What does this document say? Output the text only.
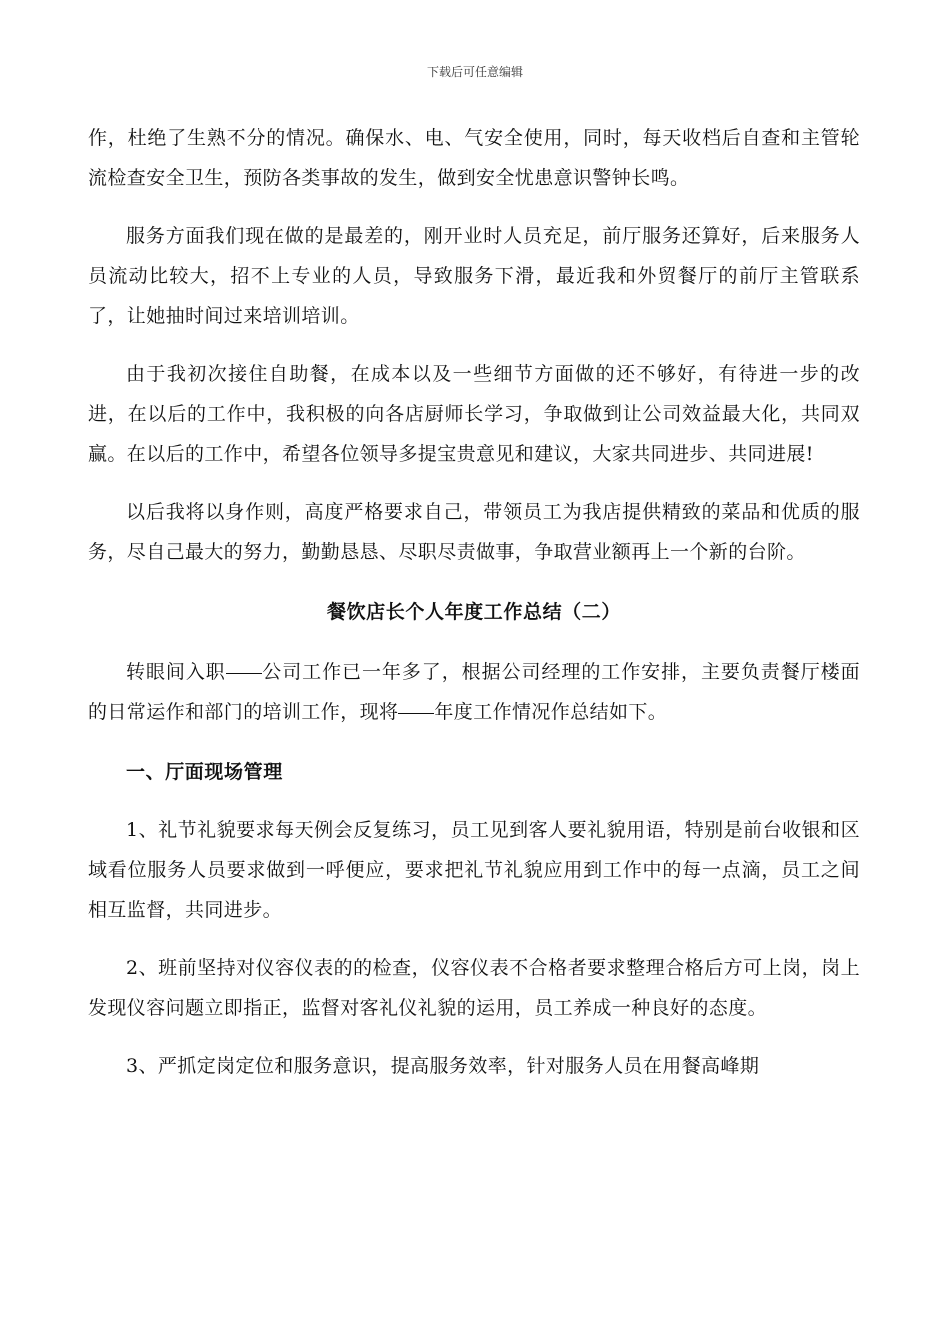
下载后可任意编辑

作，杜绝了生熟不分的情况。确保水、电、气安全使用，同时，每天收档后自查和主管轮流检查安全卫生，预防各类事故的发生，做到安全忧患意识警钟长鸣。

服务方面我们现在做的是最差的，刚开业时人员充足，前厅服务还算好，后来服务人员流动比较大，招不上专业的人员，导致服务下滑，最近我和外贸餐厅的前厅主管联系了，让她抽时间过来培训培训。

由于我初次接住自助餐，在成本以及一些细节方面做的还不够好，有待进一步的改进，在以后的工作中，我积极的向各店厨师长学习，争取做到让公司效益最大化，共同双赢。在以后的工作中，希望各位领导多提宝贵意见和建议，大家共同进步、共同进展!

以后我将以身作则，高度严格要求自己，带领员工为我店提供精致的菜品和优质的服务，尽自己最大的努力，勤勤恳恳、尽职尽责做事，争取营业额再上一个新的台阶。

餐饮店长个人年度工作总结（二）

转眼间入职 公司工作已一年多了，根据公司经理的工作安排，主要负责餐厅楼面的日常运作和部门的培训工作，现将 年度工作情况作总结如下。

一、厅面现场管理

1、礼节礼貌要求每天例会反复练习，员工见到客人要礼貌用语，特别是前台收银和区域看位服务人员要求做到一呼便应，要求把礼节礼貌应用到工作中的每一点滴，员工之间相互监督，共同进步。

2、班前坚持对仪容仪表的的检查，仪容仪表不合格者要求整理合格后方可上岗，岗上发现仪容问题立即指正，监督对客礼仪礼貌的运用，员工养成一种良好的态度。

3、严抓定岗定位和服务意识，提高服务效率，针对服务人员在用餐高峰期
